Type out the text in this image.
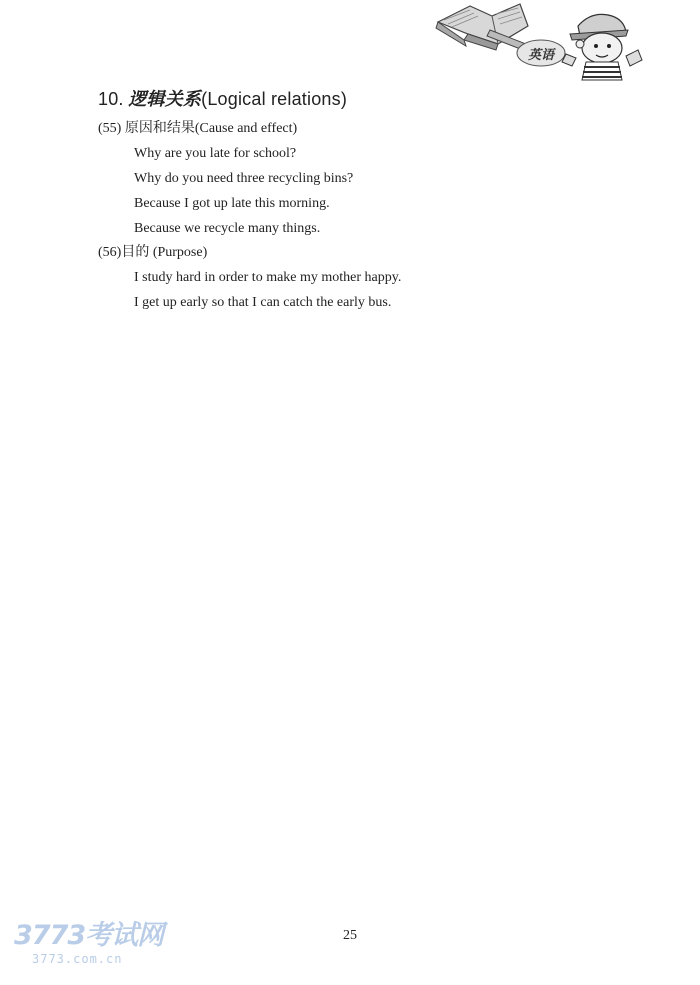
英语
10. 逻辑关系(Logical relations)

(55) 原因和结果(Cause and effect)

Why are you late for school?

Why do you need three recycling bins?

Because I got up late this morning.

Because we recycle many things.

(56)目的 (Purpose)

I study hard in order to make my mother happy.

I get up early so that I can catch the early bus.

25
3773考试网
3773.com.cn
